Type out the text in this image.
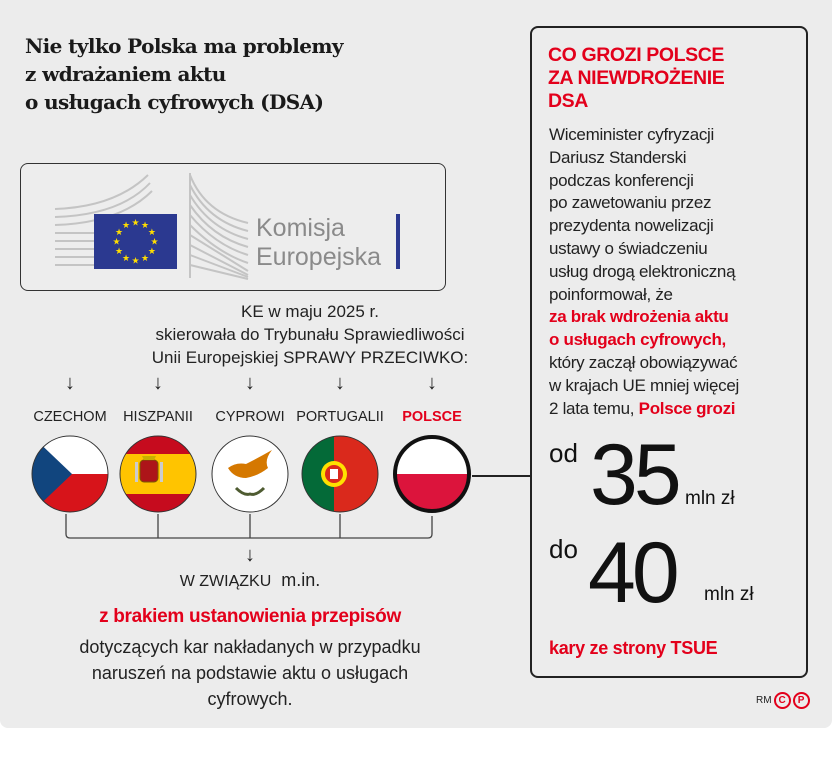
Nie tylko Polska ma problemy
z wdrażaniem aktu
o usługach cyfrowych (DSA)
★ ★
★
★
★
★
★
★
★
★
★
★	Komisja
Europejska
KE w maju 2025 r.
skierowała do Trybunału Sprawiedliwości
Unii Europejskiej SPRAWY PRZECIWKO:
↓
CZECHOM
↓
HISZPANII
↓
CYPROWI
↓
PORTUGALII
↓
POLSCE
↓
W ZWIĄZKU m.in.
z brakiem ustanowienia przepisów
dotyczących kar nakładanych w przypadku
naruszeń na podstawie aktu o usługach
cyfrowych.
CO GROZI POLSCE
ZA NIEWDROŻENIE
DSA
Wiceminister cyfryzacji
Dariusz Standerski
podczas konferencji
po zawetowaniu przez
prezydenta nowelizacji
ustawy o świadczeniu
usług drogą elektroniczną
poinformował, że
za brak wdrożenia aktu
o usługach cyfrowych,
który zaczął obowiązywać
w krajach UE mniej więcej
2 lata temu, Polsce grozi
od 35 mln zł
do 40 mln zł
kary ze strony TSUE
RM C	P
